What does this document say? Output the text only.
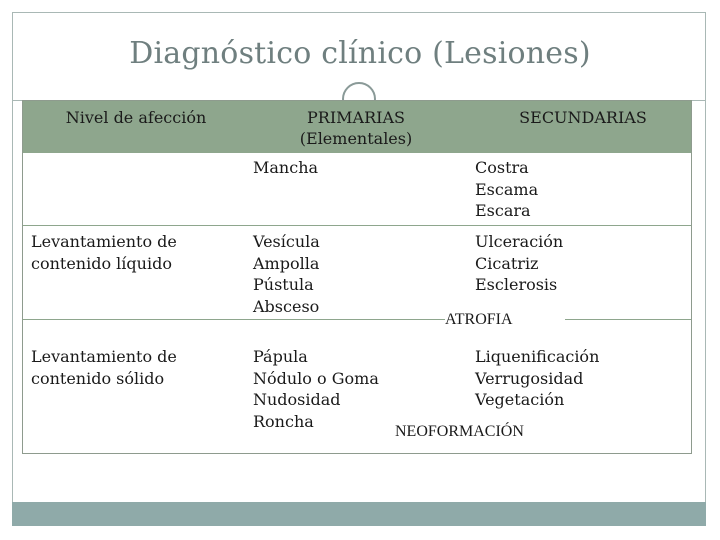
Diagnóstico clínico (Lesiones)
Nivel de afección	PRIMARIAS
(Elementales)
SECUNDARIAS
Mancha	Costra
Escama
Escara
Levantamiento de
contenido líquido
Vesícula
Ampolla
Pústula
Absceso
Ulceración
Cicatriz
Esclerosis
ATROFIA
Levantamiento de
contenido sólido
Pápula
Nódulo o Goma
Nudosidad
Roncha
Liquenificación
Verrugosidad
Vegetación
NEOFORMACIÓN
